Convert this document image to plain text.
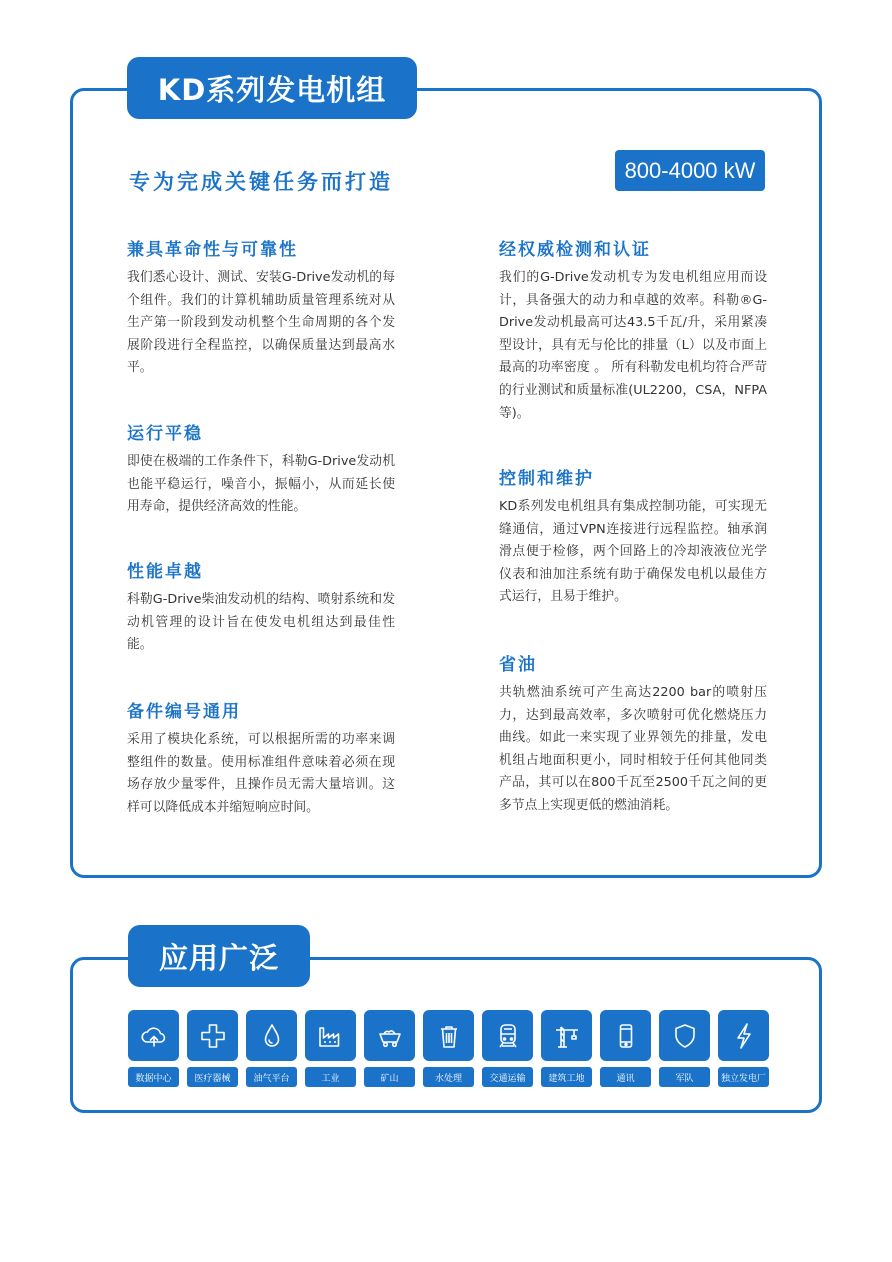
KD系列发电机组
专为完成关键任务而打造	800-4000 kW
兼具革命性与可靠性

我们悉心设计、测试、安装G-Drive发动机的每个组件。我们的计算机辅助质量管理系统对从生产第一阶段到发动机整个生命周期的各个发展阶段进行全程监控，以确保质量达到最高水平。

运行平稳

即使在极端的工作条件下，科勒G-Drive发动机也能平稳运行，噪音小，振幅小，从而延长使用寿命，提供经济高效的性能。

性能卓越

科勒G-Drive柴油发动机的结构、喷射系统和发动机管理的设计旨在使发电机组达到最佳性能。

备件编号通用

采用了模块化系统，可以根据所需的功率来调整组件的数量。使用标准组件意味着必须在现场存放少量零件，且操作员无需大量培训。这样可以降低成本并缩短响应时间。

经权威检测和认证

我们的G-Drive发动机专为发电机组应用而设计，具备强大的动力和卓越的效率。科勒®G-Drive发动机最高可达43.5千瓦/升，采用紧凑型设计，具有无与伦比的排量（L）以及市面上最高的功率密度 。 所有科勒发电机均符合严苛的行业测试和质量标准(UL2200，CSA，NFPA等)。

控制和维护

KD系列发电机组具有集成控制功能，可实现无缝通信，通过VPN连接进行远程监控。轴承润滑点便于检修，两个回路上的冷却液液位光学仪表和油加注系统有助于确保发电机以最佳方式运行，且易于维护。

省油

共轨燃油系统可产生高达2200 bar的喷射压力，达到最高效率，多次喷射可优化燃烧压力曲线。如此一来实现了业界领先的排量，发电机组占地面积更小，同时相较于任何其他同类产品，其可以在800千瓦至2500千瓦之间的更多节点上实现更低的燃油消耗。

应用广泛
数据中心	医疗器械	油气平台	工业	矿山	水处理	交通运输	建筑工地	通讯	军队	独立发电厂
